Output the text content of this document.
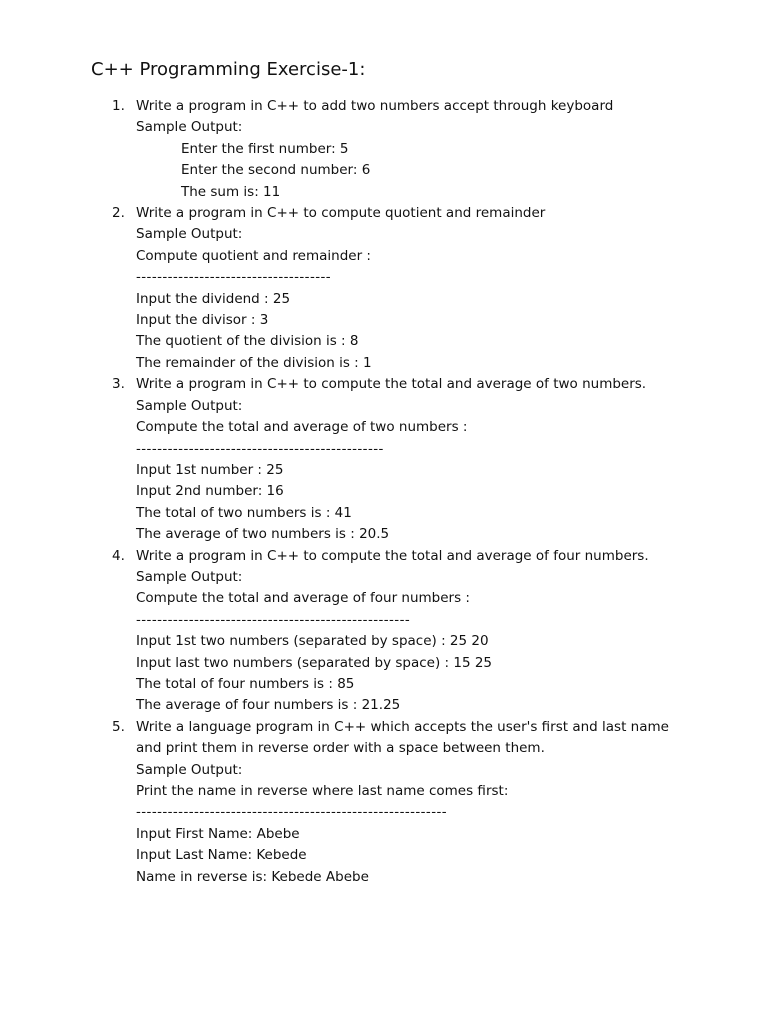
C++ Programming Exercise-1:
1. Write a program in C++ to add two numbers accept through keyboard
Sample Output:
Enter the first number: 5
Enter the second number: 6
The sum is: 11
2. Write a program in C++ to compute quotient and remainder
Sample Output:
Compute quotient and remainder :
-------------------------------------
Input the dividend : 25
Input the divisor : 3
The quotient of the division is : 8
The remainder of the division is : 1
3. Write a program in C++ to compute the total and average of two numbers.
Sample Output:
Compute the total and average of two numbers :
-----------------------------------------------
Input 1st number : 25
Input 2nd number: 16
The total of two numbers is : 41
The average of two numbers is : 20.5
4. Write a program in C++ to compute the total and average of four numbers.
Sample Output:
Compute the total and average of four numbers :
----------------------------------------------------
Input 1st two numbers (separated by space) : 25 20
Input last two numbers (separated by space) : 15 25
The total of four numbers is : 85
The average of four numbers is : 21.25
5. Write a language program in C++ which accepts the user's first and last name
and print them in reverse order with a space between them.
Sample Output:
Print the name in reverse where last name comes first:
-----------------------------------------------------------
Input First Name: Abebe
Input Last Name: Kebede
Name in reverse is: Kebede Abebe
